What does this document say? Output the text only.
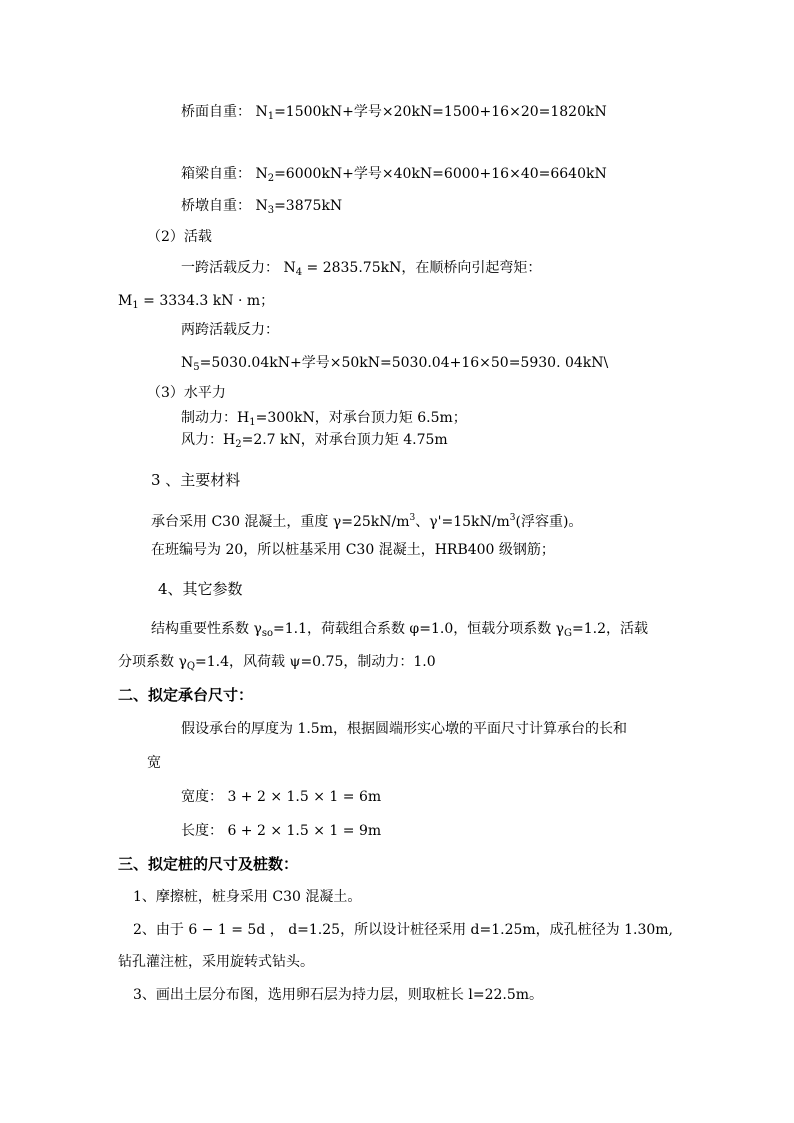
桥面自重： $N_1=1500kN+$学号×20kN=1500+16×20=1820kN
箱梁自重： $N_2=6000kN+$学号×40kN=6000+16×40=6640kN
桥墩自重： $N_3=3875kN$
（2）活载
一跨活载反力： $N_4 = 2835.75kN$，在顺桥向引起弯矩：
$M_1 = 3334.3$ kN · m；
两跨活载反力：
$N_5=5030.04kN+$学号×50kN=5030.04+16×50=5930. 04kN\
（3）水平力
制动力：$H_1=300kN$，对承台顶力矩 6.5m；
风力：$H_2=2.7$ kN，对承台顶力矩 4.75m
3 、主要材料
承台采用 C30 混凝土，重度 $\gamma=25kN/m^3$、$\gamma'=15kN/m^3$(浮容重)。
在班编号为 20，所以桩基采用 C30 混凝土，HRB400 级钢筋；
4、其它参数
结构重要性系数 $\gamma_{so}=1.1$，荷载组合系数 φ=1.0，恒载分项系数 $\gamma_G=1.2$，活载
分项系数 $\gamma_Q=1.4$，风荷载 ψ=0.75，制动力：1.0
二、拟定承台尺寸：
假设承台的厚度为 1.5m，根据圆端形实心墩的平面尺寸计算承台的长和
宽
宽度： 3 + 2 × 1.5 × 1 = 6m
长度： 6 + 2 × 1.5 × 1 = 9m
三、拟定桩的尺寸及桩数：
1、摩擦桩，桩身采用 C30 混凝土。
2、由于 6 − 1 = 5d ， d=1.25，所以设计桩径采用 d=1.25m，成孔桩径为 1.30m,
钻孔灌注桩，采用旋转式钻头。
3、画出土层分布图，选用卵石层为持力层，则取桩长 l=22.5m。
